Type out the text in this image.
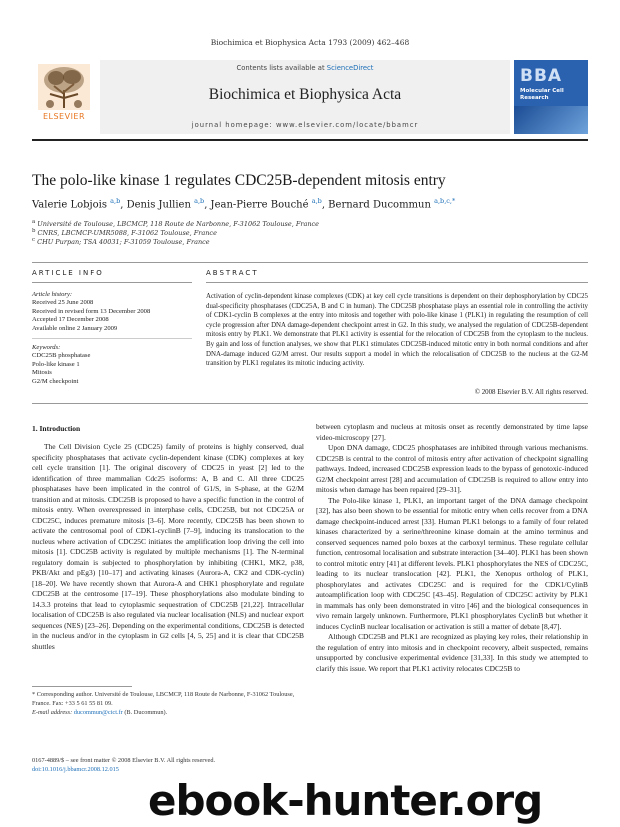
Biochimica et Biophysica Acta 1793 (2009) 462–468
ELSEVIER
Contents lists available at ScienceDirect
Biochimica et Biophysica Acta
journal homepage: www.elsevier.com/locate/bbamcr
BBA
Molecular Cell Research
The polo-like kinase 1 regulates CDC25B-dependent mitosis entry
Valerie Lobjois $^{a,b}$, Denis Jullien $^{a,b}$, Jean-Pierre Bouché $^{a,b}$, Bernard Ducommun $^{a,b,c,*}$
$^a$ Université de Toulouse, LBCMCP, 118 Route de Narbonne, F-31062 Toulouse, France
$^b$ CNRS, LBCMCP-UMR5088, F-31062 Toulouse, France
$^c$ CHU Purpan; TSA 40031; F-31059 Toulouse, France
ARTICLE INFO	ABSTRACT
Article history:
Received 25 June 2008
Received in revised form 13 December 2008
Accepted 17 December 2008
Available online 2 January 2009
Keywords:
CDC25B phosphatase
Polo-like kinase 1
Mitosis
G2/M checkpoint
Activation of cyclin-dependent kinase complexes (CDK) at key cell cycle transitions is dependent on their dephosphorylation by CDC25 dual-specificity phosphatases (CDC25A, B and C in human). The CDC25B phosphatase plays an essential role in controlling the activity of CDK1-cyclin B complexes at the entry into mitosis and together with polo-like kinase 1 (PLK1) in regulating the resumption of cell cycle progression after DNA damage-dependent checkpoint arrest in G2. In this study, we analysed the regulation of CDC25B-dependent mitosis entry by PLK1. We demonstrate that PLK1 activity is essential for the relocation of CDC25B from the cytoplasm to the nucleus. By gain and loss of function analyses, we show that PLK1 stimulates CDC25B-induced mitotic entry in both normal conditions and after DNA-damage induced G2/M arrest. Our results support a model in which the relocalisation of CDC25B to the nucleus at the G2-M transition by PLK1 regulates its mitotic inducing activity.
© 2008 Elsevier B.V. All rights reserved.
1. Introduction

The Cell Division Cycle 25 (CDC25) family of proteins is highly conserved, dual specificity phosphatases that activate cyclin-dependent kinase (CDK) complexes at key cell cycle transition [1]. The original discovery of CDC25 in yeast [2] led to the identification of three mammalian Cdc25 isoforms: A, B and C. All three CDC25 phosphatases have been implicated in the control of G1/S, in S-phase, at the G2/M transition and at mitosis. CDC25B is proposed to have a specific function in the control of mitosis entry. When overexpressed in interphase cells, CDC25B, but not CDC25A or CDC25C, induces premature mitosis [3–6]. More recently, CDC25B has been shown to activate the centrosomal pool of CDK1-cyclinB [7–9], inducing its translocation to the nucleus where activation of CDC25C initiates the amplification loop driving the cell into mitosis [1]. CDC25B activity is regulated by multiple mechanisms [1]. The N-terminal regulatory domain is subjected to phosphorylation by inhibiting (CHK1, MK2, p38, PKB/Akt and pEg3) [10–17] and activating kinases (Aurora-A, CK2 and CDK-cyclin) [18–20]. We have recently shown that Aurora-A and CHK1 phosphorylate and regulate CDC25B at the centrosome [17–19]. These phosphorylations also modulate binding to 14.3.3 proteins that lead to cytoplasmic sequestration of CDC25B [21,22]. Intracellular localisation of CDC25B is also regulated via nuclear localisation (NLS) and nuclear export sequences (NES) [23–26]. Depending on the experimental conditions, CDC25B is detected in the nucleus and/or in the cytoplasm in G2 cells [4, 5, 25] and it is clear that CDC25B shuttles

between cytoplasm and nucleus at mitosis onset as recently demonstrated by time lapse video-microscopy [27].

Upon DNA damage, CDC25 phosphatases are inhibited through various mechanisms. CDC25B is central to the control of mitosis entry after activation of checkpoint signalling pathways. Indeed, increased CDC25B expression leads to the bypass of genotoxic-induced G2/M checkpoint arrest [28] and accumulation of CDC25B is required to allow entry into mitosis when damage has been repaired [29–31].

The Polo-like kinase 1, PLK1, an important target of the DNA damage checkpoint [32], has also been shown to be essential for mitotic entry when cells recover from a DNA damage checkpoint-induced arrest [33]. Human PLK1 belongs to a family of four related kinases characterized by a serine/threonine kinase domain at the amino terminus and conserved sequences named polo boxes at the carboxyl terminus. These regulate cellular function, centrosomal localisation and substrate interaction [34–40]. PLK1 has been shown to control mitotic entry [41] at different levels. PLK1 phosphorylates the NES of CDC25C, leading to its nuclear translocation [42]. PLK1, the Xenopus ortholog of PLK1, phosphorylates and activates CDC25C and is required for the CDK1/CylinB autoamplification loop with CDC25C [43–45]. Regulation of CDC25C activity by PLK1 in mammals has only been demonstrated in vitro [46] and the biological consequences in vivo remain largely unknown. Furthermore, PLK1 phosphorylates CyclinB but whether it induces CyclinB nuclear localisation or activation is still a matter of debate [8,47].

Although CDC25B and PLK1 are recognized as playing key roles, their relationship in the regulation of entry into mitosis and in checkpoint recovery, albeit suspected, remains unsupported by conclusive experimental evidence [31,33]. In this study we attempted to clarify this issue. We report that PLK1 activity relocates CDC25B to

* Corresponding author. Université de Toulouse, LBCMCP, 118 Route de Narbonne, F-31062 Toulouse, France. Fax: +33 5 61 55 81 09.
E-mail address: ducommun@cict.fr (B. Ducommun).
0167-4889/$ – see front matter © 2008 Elsevier B.V. All rights reserved.
doi:10.1016/j.bbamcr.2008.12.015
ebook-hunter.org
